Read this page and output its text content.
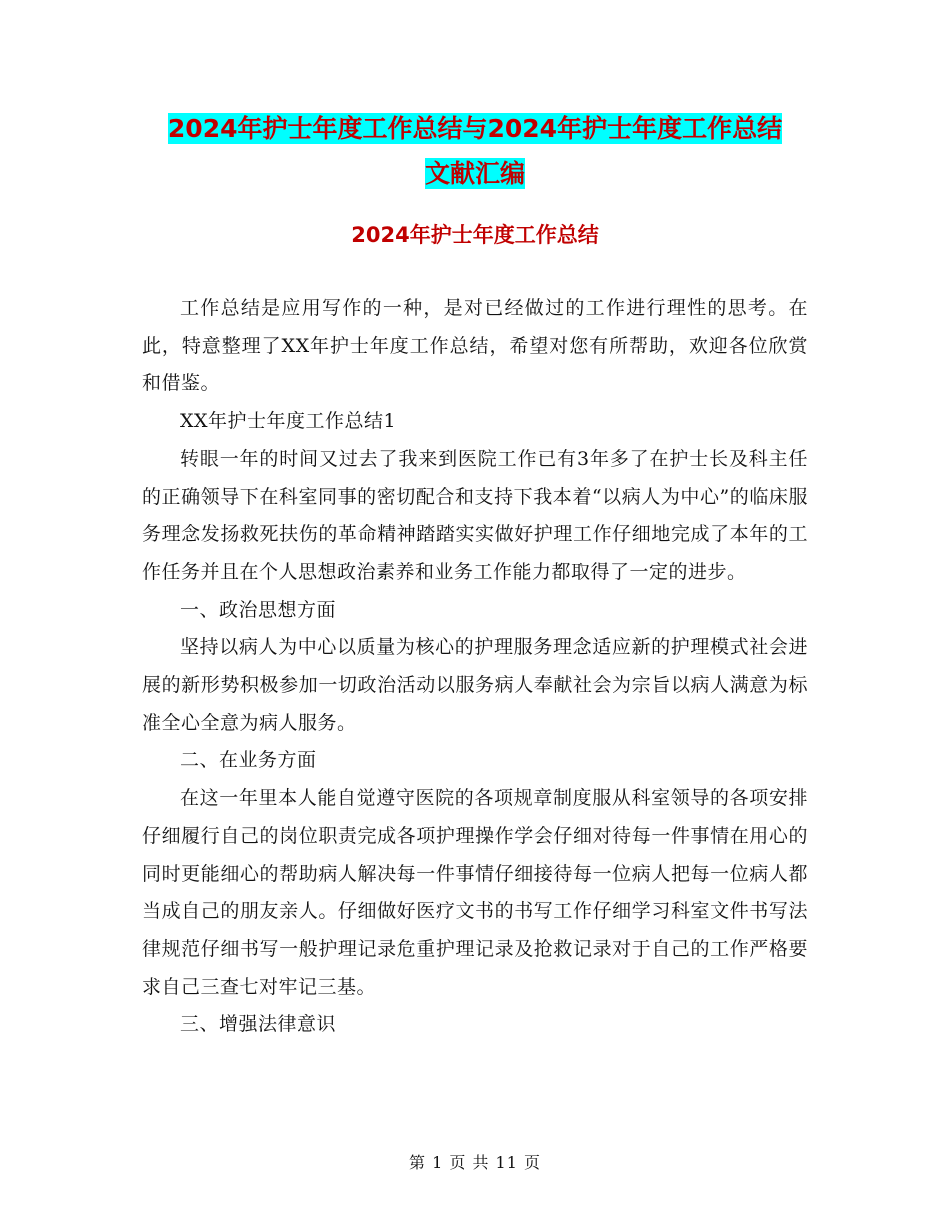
2024年护士年度工作总结与2024年护士年度工作总结
文献汇编
2024年护士年度工作总结

工作总结是应用写作的一种，是对已经做过的工作进行理性的思考。在此，特意整理了XX年护士年度工作总结，希望对您有所帮助，欢迎各位欣赏和借鉴。

XX年护士年度工作总结1

转眼一年的时间又过去了我来到医院工作已有3年多了在护士长及科主任的正确领导下在科室同事的密切配合和支持下我本着“以病人为中心”的临床服务理念发扬救死扶伤的革命精神踏踏实实做好护理工作仔细地完成了本年的工作任务并且在个人思想政治素养和业务工作能力都取得了一定的进步。

一、政治思想方面

坚持以病人为中心以质量为核心的护理服务理念适应新的护理模式社会进展的新形势积极参加一切政治活动以服务病人奉献社会为宗旨以病人满意为标准全心全意为病人服务。

二、在业务方面

在这一年里本人能自觉遵守医院的各项规章制度服从科室领导的各项安排仔细履行自己的岗位职责完成各项护理操作学会仔细对待每一件事情在用心的同时更能细心的帮助病人解决每一件事情仔细接待每一位病人把每一位病人都当成自己的朋友亲人。仔细做好医疗文书的书写工作仔细学习科室文件书写法律规范仔细书写一般护理记录危重护理记录及抢救记录对于自己的工作严格要求自己三查七对牢记三基。

三、增强法律意识

第 1 页 共 11 页
